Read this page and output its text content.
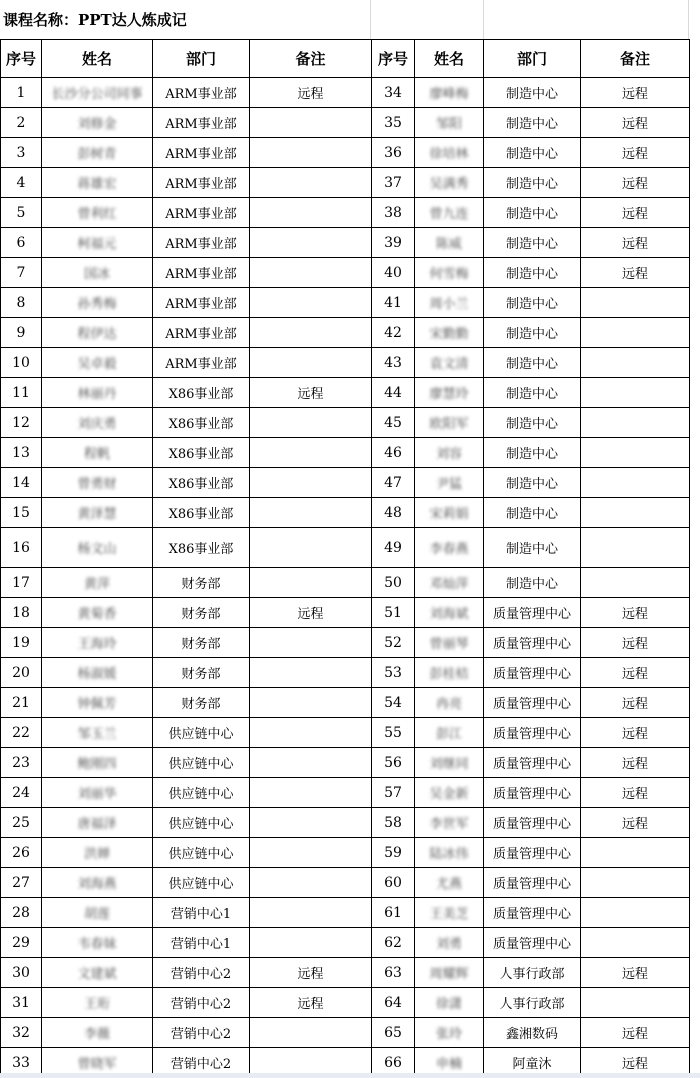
课程名称：PPT达人炼成记
序号	姓名	部门	备注	序号	姓名	部门	备注
1	长沙分公司同事	ARM事业部	远程	34	廖峰梅	制造中心	远程
2	刘修金	ARM事业部		35	邹阳	制造中心	远程
3	彭树青	ARM事业部		36	徐培林	制造中心	远程
4	蒋雄宏	ARM事业部		37	吴满秀	制造中心	远程
5	曾利红	ARM事业部		38	曾九连	制造中心	远程
6	柯福元	ARM事业部		39	陈威	制造中心	远程
7	国冰	ARM事业部		40	何雪梅	制造中心	远程
8	孙秀梅	ARM事业部		41	周小兰	制造中心	
9	程伊达	ARM事业部		42	宋勤勤	制造中心	
10	吴卓毅	ARM事业部		43	袁文清	制造中心	
11	林丽丹	X86事业部	远程	44	廖慧玲	制造中心	
12	刘庆勇	X86事业部		45	欧阳军	制造中心	
13	程帆	X86事业部		46	刘容	制造中心	
14	曾勇财	X86事业部		47	尹猛	制造中心	
15	黄泽慧	X86事业部		48	宋莉娟	制造中心	
16	杨文山	X86事业部		49	李春燕	制造中心	
17	黄萍	财务部		50	邓灿萍	制造中心	
18	黄菊香	财务部	远程	51	刘海斌	质量管理中心	远程
19	王海玲	财务部		52	曾丽琴	质量管理中心	远程
20	杨淑媛	财务部		53	彭桂桔	质量管理中心	远程
21	钟佩芳	财务部		54	冉亮	质量管理中心	远程
22	邹玉兰	供应链中心		55	彭江	质量管理中心	远程
23	鲍刚四	供应链中心		56	刘继同	质量管理中心	远程
24	刘丽华	供应链中心		57	吴金新	质量管理中心	远程
25	唐福泽	供应链中心		58	李世军	质量管理中心	远程
26	洪婵	供应链中心		59	陆冰伟	质量管理中心	
27	刘海燕	供应链中心		60	尤燕	质量管理中心	
28	胡莲	营销中心1		61	王美芝	质量管理中心	
29	韦春妹	营销中心1		62	刘勇	质量管理中心	
30	文建斌	营销中心2	远程	63	周耀辉	人事行政部	远程
31	王珩	营销中心2	远程	64	徐潇	人事行政部	
32	李薇	营销中心2		65	张玲	鑫湘数码	远程
33	曾晓军	营销中心2		66	申楠	阿童沐	远程
